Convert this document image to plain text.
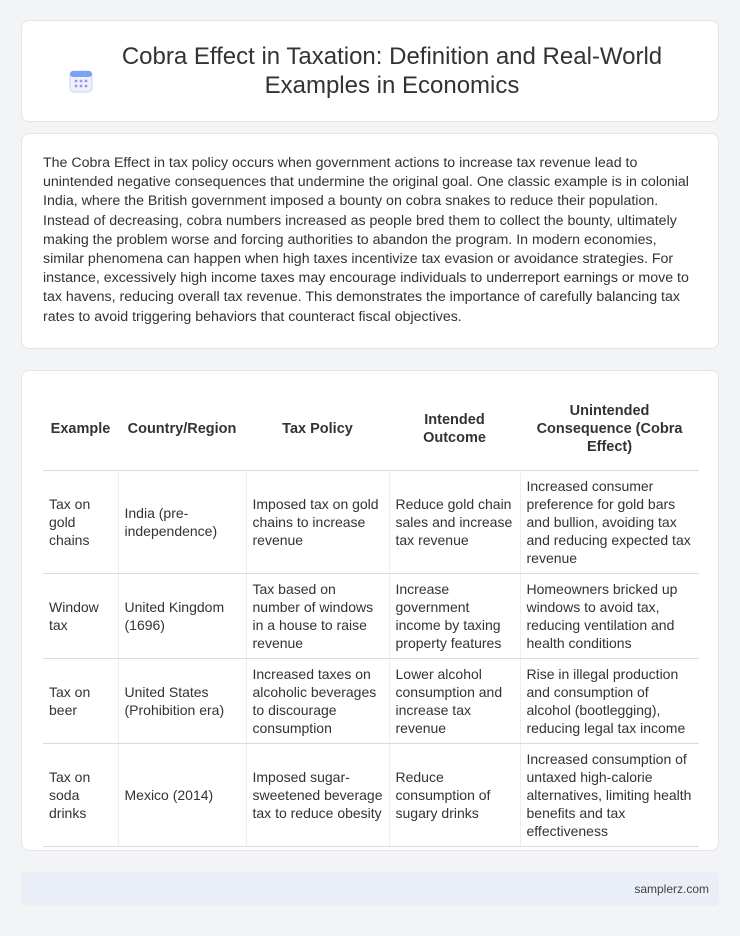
Cobra Effect in Taxation: Definition and Real-World Examples in Economics

The Cobra Effect in tax policy occurs when government actions to increase tax revenue lead to unintended negative consequences that undermine the original goal. One classic example is in colonial India, where the British government imposed a bounty on cobra snakes to reduce their population. Instead of decreasing, cobra numbers increased as people bred them to collect the bounty, ultimately making the problem worse and forcing authorities to abandon the program. In modern economies, similar phenomena can happen when high taxes incentivize tax evasion or avoidance strategies. For instance, excessively high income taxes may encourage individuals to underreport earnings or move to tax havens, reducing overall tax revenue. This demonstrates the importance of carefully balancing tax rates to avoid triggering behaviors that counteract fiscal objectives.

Example	Country/Region	Tax Policy	Intended Outcome	Unintended Consequence (Cobra Effect)
Tax on gold chains	India (pre-independence)	Imposed tax on gold chains to increase revenue	Reduce gold chain sales and increase tax revenue	Increased consumer preference for gold bars and bullion, avoiding tax and reducing expected tax revenue
Window tax	United Kingdom (1696)	Tax based on number of windows in a house to raise revenue	Increase government income by taxing property features	Homeowners bricked up windows to avoid tax, reducing ventilation and health conditions
Tax on beer	United States (Prohibition era)	Increased taxes on alcoholic beverages to discourage consumption	Lower alcohol consumption and increase tax revenue	Rise in illegal production and consumption of alcohol (bootlegging), reducing legal tax income
Tax on soda drinks	Mexico (2014)	Imposed sugar-sweetened beverage tax to reduce obesity	Reduce consumption of sugary drinks	Increased consumption of untaxed high-calorie alternatives, limiting health benefits and tax effectiveness
samplerz.com
